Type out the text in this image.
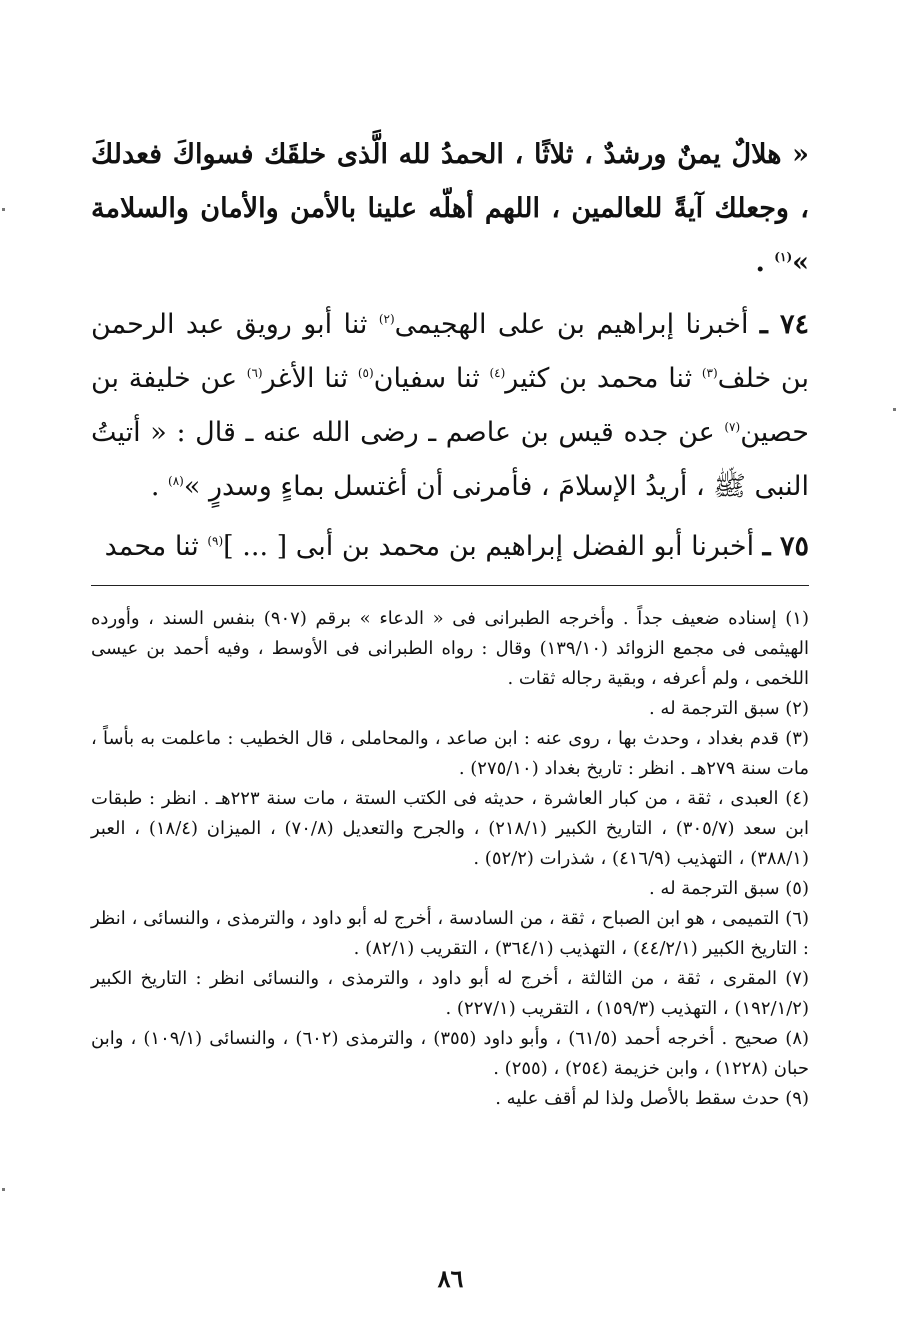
« هلالٌ يمنٌ ورشدٌ ، ثلاثًا ، الحمدُ لله الَّذى خلقَك فسواكَ فعدلكَ ، وجعلك آيةً للعالمين ، اللهم أهلّه علينا بالأمن والأمان والسلامة »$^{(١)}$ .

٧٤ ـ أخبرنا إبراهيم بن على الهجيمى$^{(٢)}$ ثنا أبو رويق عبد الرحمن بن خلف$^{(٣)}$ ثنا محمد بن كثير$^{(٤)}$ ثنا سفيان$^{(٥)}$ ثنا الأغر$^{(٦)}$ عن خليفة بن حصين$^{(٧)}$ عن جده قيس بن عاصم ـ رضى الله عنه ـ قال : « أتيتُ النبى ﷺ ، أريدُ الإسلامَ ، فأمرنى أن أغتسل بماءٍ وسدرٍ »$^{(٨)}$ .

٧٥ ـ أخبرنا أبو الفضل إبراهيم بن محمد بن أبى [ ... ]$^{(٩)}$ ثنا محمد

(١) إسناده ضعيف جداً . وأخرجه الطبرانى فى « الدعاء » برقم (٩٠٧) بنفس السند ، وأورده الهيثمى فى مجمع الزوائد (١٣٩/١٠) وقال : رواه الطبرانى فى الأوسط ، وفيه أحمد بن عيسى اللخمى ، ولم أعرفه ، وبقية رجاله ثقات .

(٢) سبق الترجمة له .

(٣) قدم بغداد ، وحدث بها ، روى عنه : ابن صاعد ، والمحاملى ، قال الخطيب : ماعلمت به بأساً ، مات سنة ٢٧٩هـ . انظر : تاريخ بغداد (٢٧٥/١٠) .

(٤) العبدى ، ثقة ، من كبار العاشرة ، حديثه فى الكتب الستة ، مات سنة ٢٢٣هـ . انظر : طبقات ابن سعد (٣٠٥/٧) ، التاريخ الكبير (٢١٨/١) ، والجرح والتعديل (٧٠/٨) ، الميزان (١٨/٤) ، العبر (٣٨٨/١) ، التهذيب (٤١٦/٩) ، شذرات (٥٢/٢) .

(٥) سبق الترجمة له .

(٦) التميمى ، هو ابن الصباح ، ثقة ، من السادسة ، أخرج له أبو داود ، والترمذى ، والنسائى ، انظر : التاريخ الكبير (٤٤/٢/١) ، التهذيب (٣٦٤/١) ، التقريب (٨٢/١) .

(٧) المقرى ، ثقة ، من الثالثة ، أخرج له أبو داود ، والترمذى ، والنسائى انظر : التاريخ الكبير (١٩٢/١/٢) ، التهذيب (١٥٩/٣) ، التقريب (٢٢٧/١) .

(٨) صحيح . أخرجه أحمد (٦١/٥) ، وأبو داود (٣٥٥) ، والترمذى (٦٠٢) ، والنسائى (١٠٩/١) ، وابن حبان (١٢٢٨) ، وابن خزيمة (٢٥٤) ، (٢٥٥) .

(٩) حدث سقط بالأصل ولذا لم أقف عليه .

٨٦
